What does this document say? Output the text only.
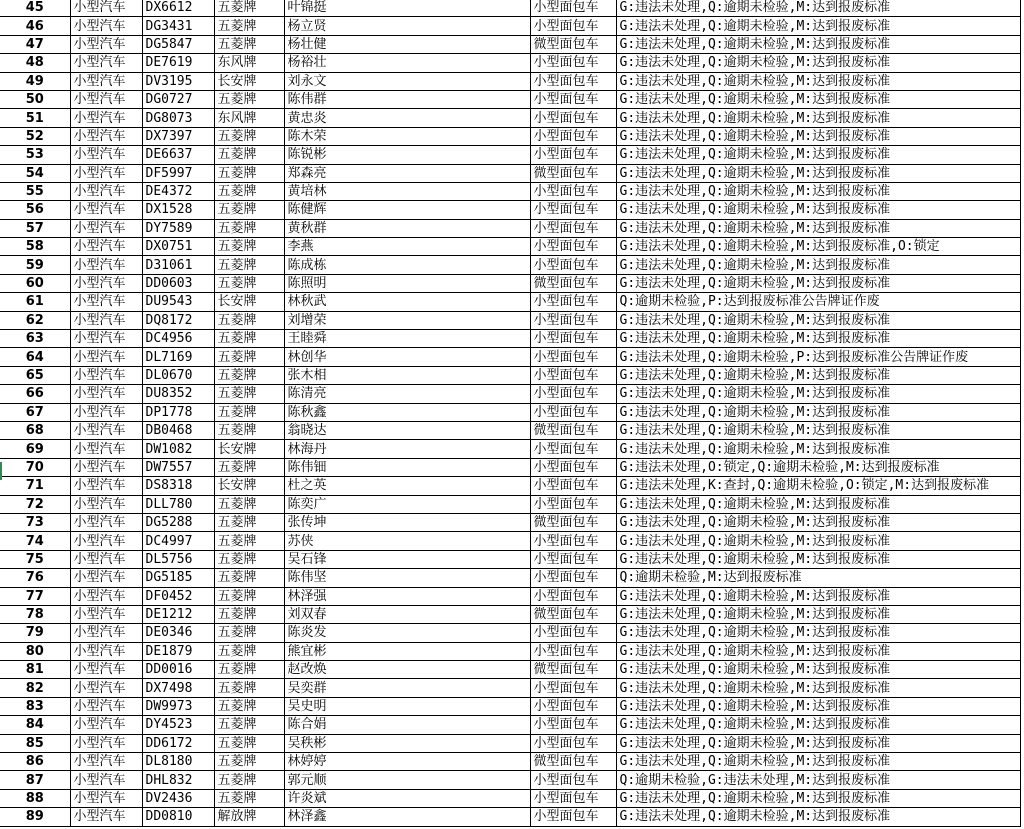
45	小型汽车	DX6612	五菱牌	叶锦挺	小型面包车	G:违法未处理,Q:逾期未检验,M:达到报废标准
46	小型汽车	DG3431	五菱牌	杨立贤	小型面包车	G:违法未处理,Q:逾期未检验,M:达到报废标准
47	小型汽车	DG5847	五菱牌	杨壮健	微型面包车	G:违法未处理,Q:逾期未检验,M:达到报废标准
48	小型汽车	DE7619	东风牌	杨裕壮	小型面包车	G:违法未处理,Q:逾期未检验,M:达到报废标准
49	小型汽车	DV3195	长安牌	刘永文	小型面包车	G:违法未处理,Q:逾期未检验,M:达到报废标准
50	小型汽车	DG0727	五菱牌	陈伟群	小型面包车	G:违法未处理,Q:逾期未检验,M:达到报废标准
51	小型汽车	DG8073	东风牌	黄忠炎	小型面包车	G:违法未处理,Q:逾期未检验,M:达到报废标准
52	小型汽车	DX7397	五菱牌	陈木荣	小型面包车	G:违法未处理,Q:逾期未检验,M:达到报废标准
53	小型汽车	DE6637	五菱牌	陈锐彬	小型面包车	G:违法未处理,Q:逾期未检验,M:达到报废标准
54	小型汽车	DF5997	五菱牌	郑森亮	微型面包车	G:违法未处理,Q:逾期未检验,M:达到报废标准
55	小型汽车	DE4372	五菱牌	黄培林	小型面包车	G:违法未处理,Q:逾期未检验,M:达到报废标准
56	小型汽车	DX1528	五菱牌	陈健辉	小型面包车	G:违法未处理,Q:逾期未检验,M:达到报废标准
57	小型汽车	DY7589	五菱牌	黄秋群	小型面包车	G:违法未处理,Q:逾期未检验,M:达到报废标准
58	小型汽车	DX0751	五菱牌	李燕	小型面包车	G:违法未处理,Q:逾期未检验,M:达到报废标准,O:锁定
59	小型汽车	D31061	五菱牌	陈成栋	小型面包车	G:违法未处理,Q:逾期未检验,M:达到报废标准
60	小型汽车	DD0603	五菱牌	陈照明	微型面包车	G:违法未处理,Q:逾期未检验,M:达到报废标准
61	小型汽车	DU9543	长安牌	林秋武	小型面包车	Q:逾期未检验,P:达到报废标准公告牌证作废
62	小型汽车	DQ8172	五菱牌	刘增荣	小型面包车	G:违法未处理,Q:逾期未检验,M:达到报废标准
63	小型汽车	DC4956	五菱牌	王睦舜	小型面包车	G:违法未处理,Q:逾期未检验,M:达到报废标准
64	小型汽车	DL7169	五菱牌	林创华	小型面包车	G:违法未处理,Q:逾期未检验,P:达到报废标准公告牌证作废
65	小型汽车	DL0670	五菱牌	张木相	小型面包车	G:违法未处理,Q:逾期未检验,M:达到报废标准
66	小型汽车	DU8352	五菱牌	陈清亮	小型面包车	G:违法未处理,Q:逾期未检验,M:达到报废标准
67	小型汽车	DP1778	五菱牌	陈秋鑫	小型面包车	G:违法未处理,Q:逾期未检验,M:达到报废标准
68	小型汽车	DB0468	五菱牌	翁晓达	微型面包车	G:违法未处理,Q:逾期未检验,M:达到报废标准
69	小型汽车	DW1082	长安牌	林海丹	小型面包车	G:违法未处理,Q:逾期未检验,M:达到报废标准
70	小型汽车	DW7557	五菱牌	陈伟钿	小型面包车	G:违法未处理,O:锁定,Q:逾期未检验,M:达到报废标准
71	小型汽车	DS8318	长安牌	杜之英	小型面包车	G:违法未处理,K:查封,Q:逾期未检验,O:锁定,M:达到报废标准
72	小型汽车	DLL780	五菱牌	陈奕广	小型面包车	G:违法未处理,Q:逾期未检验,M:达到报废标准
73	小型汽车	DG5288	五菱牌	张传坤	微型面包车	G:违法未处理,Q:逾期未检验,M:达到报废标准
74	小型汽车	DC4997	五菱牌	苏侠	小型面包车	G:违法未处理,Q:逾期未检验,M:达到报废标准
75	小型汽车	DL5756	五菱牌	吴石锋	小型面包车	G:违法未处理,Q:逾期未检验,M:达到报废标准
76	小型汽车	DG5185	五菱牌	陈伟坚	小型面包车	Q:逾期未检验,M:达到报废标准
77	小型汽车	DF0452	五菱牌	林泽强	小型面包车	G:违法未处理,Q:逾期未检验,M:达到报废标准
78	小型汽车	DE1212	五菱牌	刘双春	微型面包车	G:违法未处理,Q:逾期未检验,M:达到报废标准
79	小型汽车	DE0346	五菱牌	陈炎发	小型面包车	G:违法未处理,Q:逾期未检验,M:达到报废标准
80	小型汽车	DE1879	五菱牌	熊宜彬	小型面包车	G:违法未处理,Q:逾期未检验,M:达到报废标准
81	小型汽车	DD0016	五菱牌	赵改焕	微型面包车	G:违法未处理,Q:逾期未检验,M:达到报废标准
82	小型汽车	DX7498	五菱牌	吴奕群	小型面包车	G:违法未处理,Q:逾期未检验,M:达到报废标准
83	小型汽车	DW9973	五菱牌	吴史明	小型面包车	G:违法未处理,Q:逾期未检验,M:达到报废标准
84	小型汽车	DY4523	五菱牌	陈合娟	小型面包车	G:违法未处理,Q:逾期未检验,M:达到报废标准
85	小型汽车	DD6172	五菱牌	吴秩彬	小型面包车	G:违法未处理,Q:逾期未检验,M:达到报废标准
86	小型汽车	DL8180	五菱牌	林婷婷	微型面包车	G:违法未处理,Q:逾期未检验,M:达到报废标准
87	小型汽车	DHL832	五菱牌	郭元顺	小型面包车	Q:逾期未检验,G:违法未处理,M:达到报废标准
88	小型汽车	DV2436	五菱牌	许炎斌	小型面包车	G:违法未处理,Q:逾期未检验,M:达到报废标准
89	小型汽车	DD0810	解放牌	林泽鑫	小型面包车	G:违法未处理,Q:逾期未检验,M:达到报废标准
